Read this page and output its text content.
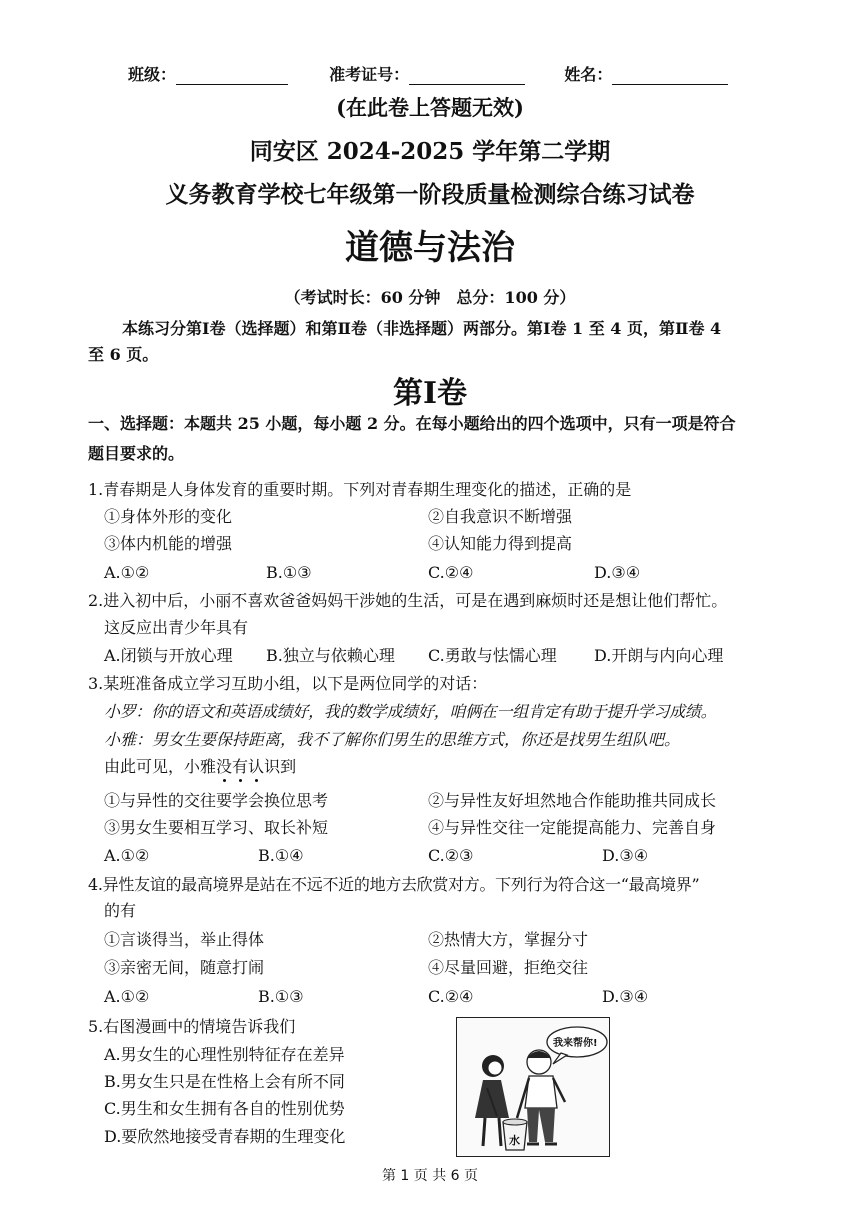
班级：	准考证号：	姓名：
(在此卷上答题无效)
同安区 2024-2025 学年第二学期
义务教育学校七年级第一阶段质量检测综合练习试卷
道德与法治
（考试时长：60 分钟　总分：100 分）
本练习分第Ⅰ卷（选择题）和第Ⅱ卷（非选择题）两部分。第Ⅰ卷 1 至 4 页，第Ⅱ卷 4
至 6 页。
第Ⅰ卷
一、选择题：本题共 25 小题，每小题 2 分。在每小题给出的四个选项中，只有一项是符合
题目要求的。
1.青春期是人身体发育的重要时期。下列对青春期生理变化的描述，正确的是
①身体外形的变化	②自我意识不断增强
③体内机能的增强	④认知能力得到提高
A.①②	B.①③	C.②④	D.③④
2.进入初中后，小丽不喜欢爸爸妈妈干涉她的生活，可是在遇到麻烦时还是想让他们帮忙。
这反应出青少年具有
A.闭锁与开放心理 B.独立与依赖心理 C.勇敢与怯懦心理 D.开朗与内向心理
3.某班准备成立学习互助小组，以下是两位同学的对话：
小罗：你的语文和英语成绩好，我的数学成绩好，咱俩在一组肯定有助于提升学习成绩。
小雅：男女生要保持距离，我不了解你们男生的思维方式，你还是找男生组队吧。
由此可见，小雅没有认识到
①与异性的交往要学会换位思考	②与异性友好坦然地合作能助推共同成长
③男女生要相互学习、取长补短	④与异性交往一定能提高能力、完善自身
A.①②	B.①④	C.②③	D.③④
4.异性友谊的最高境界是站在不远不近的地方去欣赏对方。下列行为符合这一“最高境界”
的有
①言谈得当，举止得体	②热情大方，掌握分寸
③亲密无间，随意打闹	④尽量回避，拒绝交往
A.①②	B.①③	C.②④	D.③④
5.右图漫画中的情境告诉我们
A.男女生的心理性别特征存在差异
B.男女生只是在性格上会有所不同
C.男生和女生拥有各自的性别优势
D.要欣然地接受青春期的生理变化
我来帮你!
水
第 1 页 共 6 页
